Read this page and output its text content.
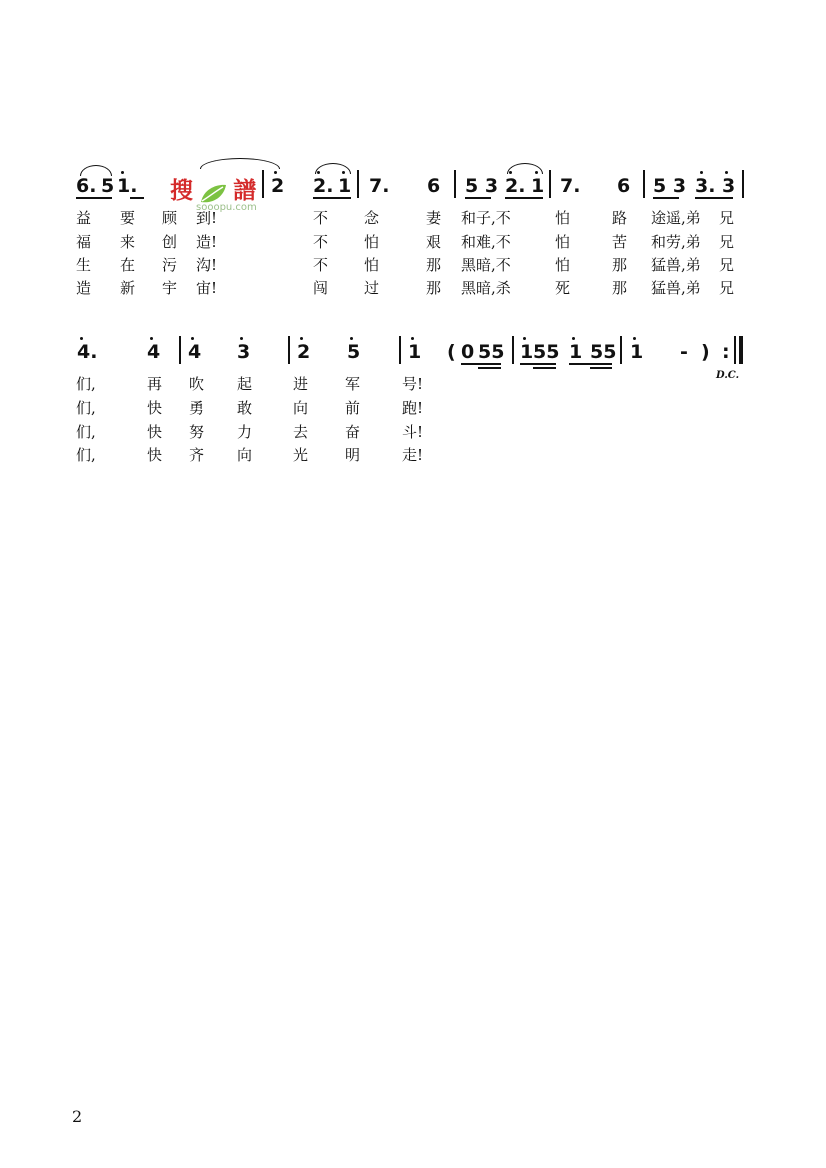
搜 譜
sooopu.com
6. 5 1.	2 2. 1 7. 6 5 3 2. 1 7. 6 5 3 3. 3
益 要 顾 到!	不 念	妻 和子,不	怕	路 途遥,弟 兄
福 来 创 造!	不 怕	艰 和难,不	怕	苦 和劳,弟 兄
生 在 污 沟!	不 怕	那 黑暗,不	怕	那 猛兽,弟 兄
造 新 宇 宙!	闯 过	那 黑暗,杀	死	那 猛兽,弟 兄
4.	4 4 3 2 5	1 ( 0 55 1 55 1 55 1 - ) :
D.C.
们,	再 吹 起	进 军	号!
们,	快 勇 敢	向 前	跑!
们,	快 努 力	去 奋	斗!
们,	快 齐 向	光 明	走!
2
